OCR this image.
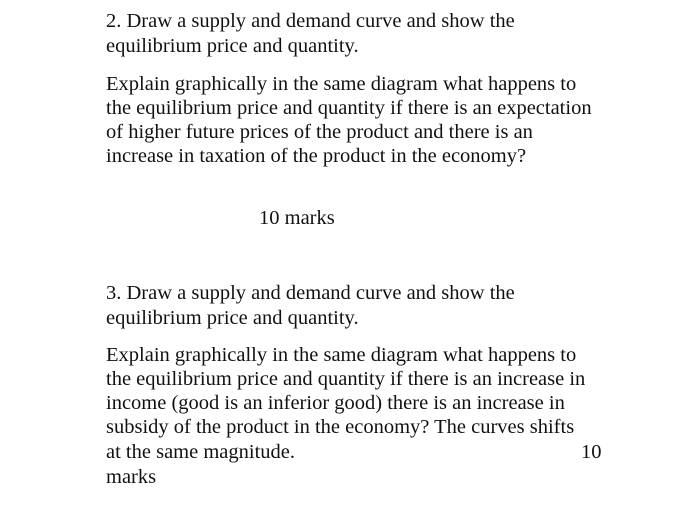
2. Draw a supply and demand curve and show the
equilibrium price and quantity.
Explain graphically in the same diagram what happens to
the equilibrium price and quantity if there is an expectation
of higher future prices of the product and there is an
increase in taxation of the product in the economy?
10 marks
3. Draw a supply and demand curve and show the
equilibrium price and quantity.
Explain graphically in the same diagram what happens to
the equilibrium price and quantity if there is an increase in
income (good is an inferior good) there is an increase in
subsidy of the product in the economy? The curves shifts
at the same magnitude.	10
marks
